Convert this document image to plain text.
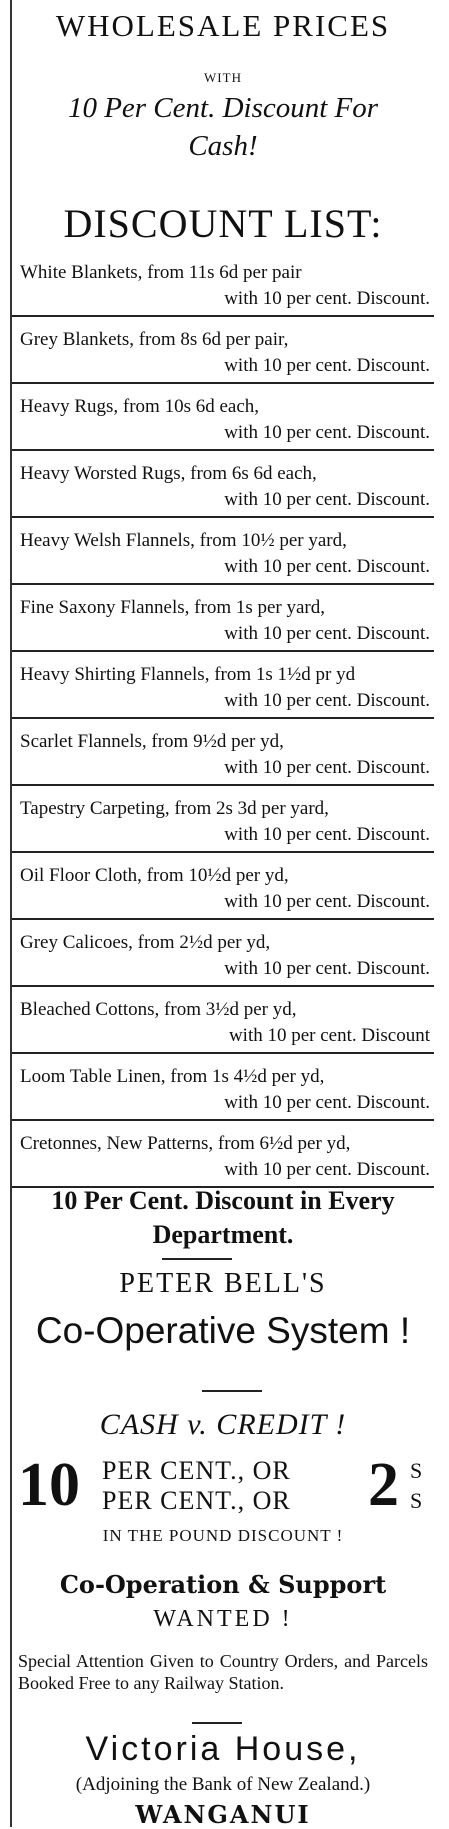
WHOLESALE PRICES
WITH
10 Per Cent. Discount For
Cash!
DISCOUNT LIST:
White Blankets, from 11s 6d per pair
with 10 per cent. Discount.
Grey Blankets, from 8s 6d per pair,
with 10 per cent. Discount.
Heavy Rugs, from 10s 6d each,
with 10 per cent. Discount.
Heavy Worsted Rugs, from 6s 6d each,
with 10 per cent. Discount.
Heavy Welsh Flannels, from 10½ per yard,
with 10 per cent. Discount.
Fine Saxony Flannels, from 1s per yard,
with 10 per cent. Discount.
Heavy Shirting Flannels, from 1s 1½d pr yd
with 10 per cent. Discount.
Scarlet Flannels, from 9½d per yd,
with 10 per cent. Discount.
Tapestry Carpeting, from 2s 3d per yard,
with 10 per cent. Discount.
Oil Floor Cloth, from 10½d per yd,
with 10 per cent. Discount.
Grey Calicoes, from 2½d per yd,
with 10 per cent. Discount.
Bleached Cottons, from 3½d per yd,
with 10 per cent. Discount
Loom Table Linen, from 1s 4½d per yd,
with 10 per cent. Discount.
Cretonnes, New Patterns, from 6½d per yd,
with 10 per cent. Discount.
10 Per Cent. Discount in Every
Department.
PETER BELL'S
Co-Operative System !
CASH v. CREDIT !
10 PER CENT., OR
PER CENT., OR 2 S
S
IN THE POUND DISCOUNT !
Co-Operation & Support
WANTED !
Special Attention Given to Country Orders, and Parcels Booked Free to any Railway Station.
Victoria House,
(Adjoining the Bank of New Zealand.)
WANGANUI
